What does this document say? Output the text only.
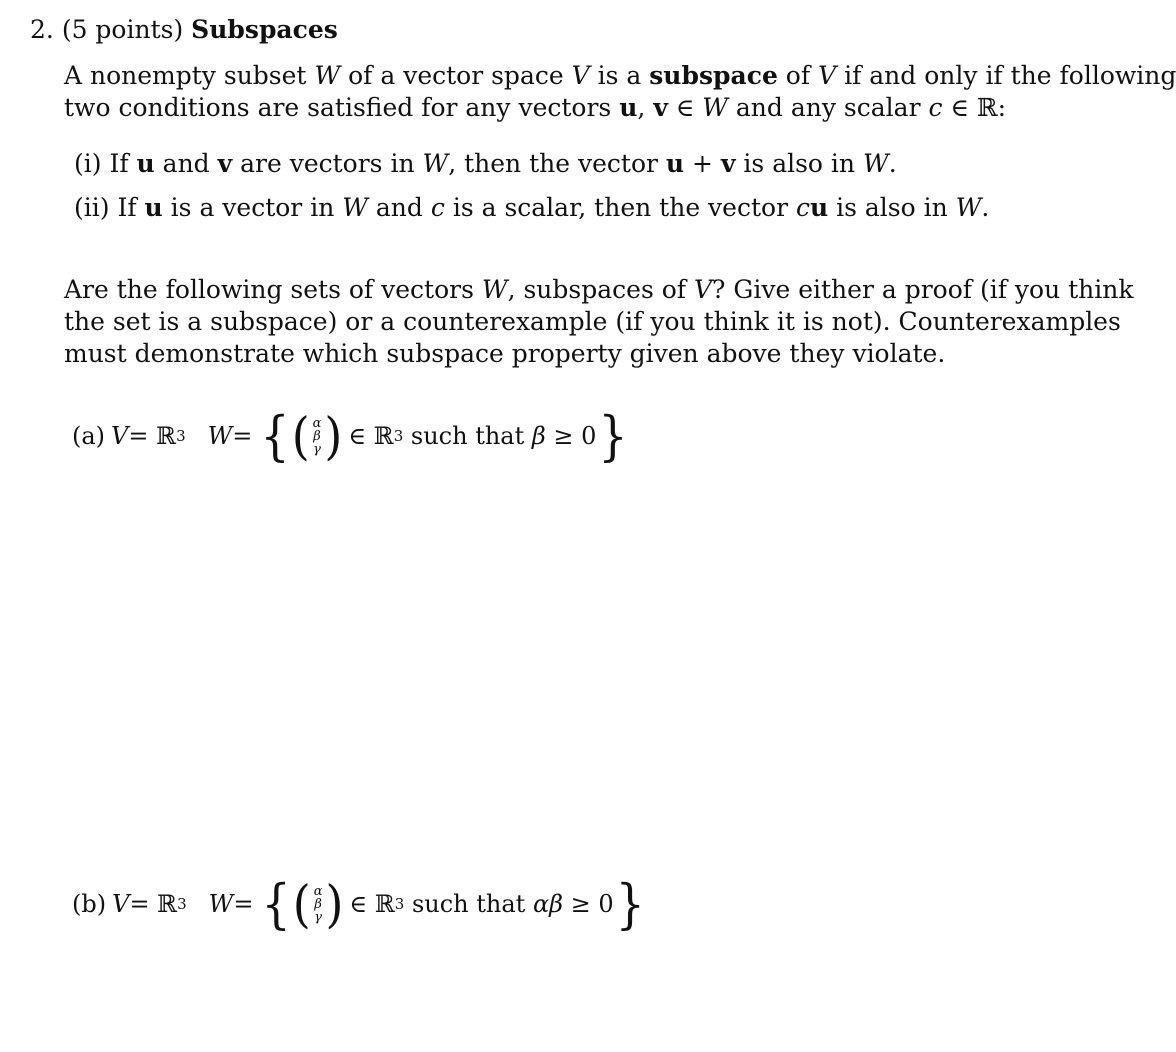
2. (5 points) Subspaces
A nonempty subset W of a vector space V is a subspace of V if and only if the following
two conditions are satisfied for any vectors u, v ∈ W and any scalar c ∈ ℝ:
(i) If u and v are vectors in W, then the vector u + v is also in W.
(ii) If u is a vector in W and c is a scalar, then the vector cu is also in W.
Are the following sets of vectors W, subspaces of V? Give either a proof (if you think
the set is a subspace) or a counterexample (if you think it is not). Counterexamples
must demonstrate which subspace property given above they violate.
(a) V = ℝ 3 W = { ( α
β
γ ) ∈ ℝ 3 such that β ≥ 0 }
(b) V = ℝ 3 W = { ( α
β
γ ) ∈ ℝ 3 such that αβ ≥ 0 }
